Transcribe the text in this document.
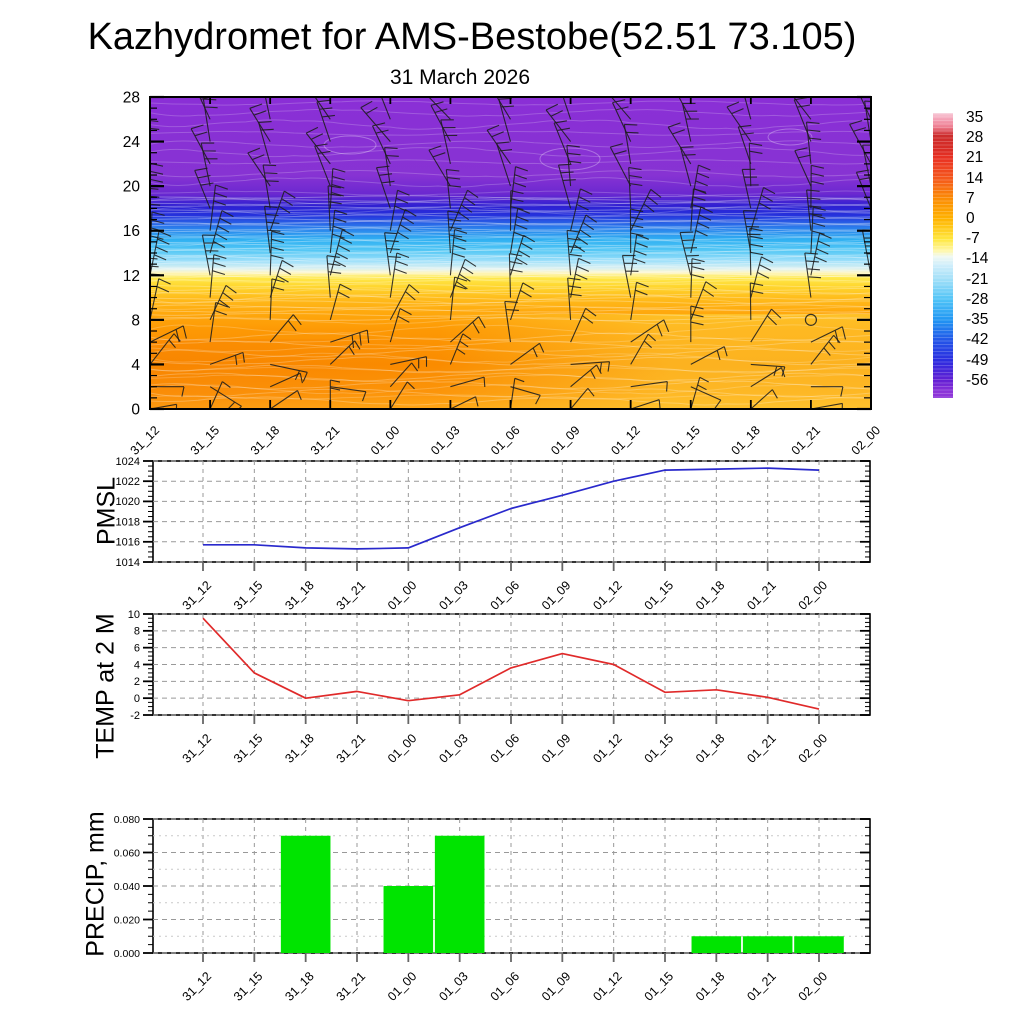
Kazhydromet for AMS-Bestobe(52.51 73.105)
31 March 2026
0
4
8
12
16
20
24
28
31_12 31_15 31_18 31_21 01_00 01_03 01_06 01_09 01_12 01_15 01_18 01_21 02_00
35
28
21
14
7
0
-7
-14
-21
-28
-35
-42
-49
-56
1014
1016
1018
1020
1022
1024
31_12 31_15 31_18 31_21 01_00 01_03 01_06 01_09 01_12 01_15 01_18 01_21 02_00
-2
0
2
4
6
8
10
31_12 31_15 31_18 31_21 01_00 01_03 01_06 01_09 01_12 01_15 01_18 01_21 02_00
0.000
0.020
0.040
0.060
0.080
31_12 31_15 31_18 31_21 01_00 01_03 01_06 01_09 01_12 01_15 01_18 01_21 02_00
PMSL
TEMP at 2 M
PRECIP, mm
